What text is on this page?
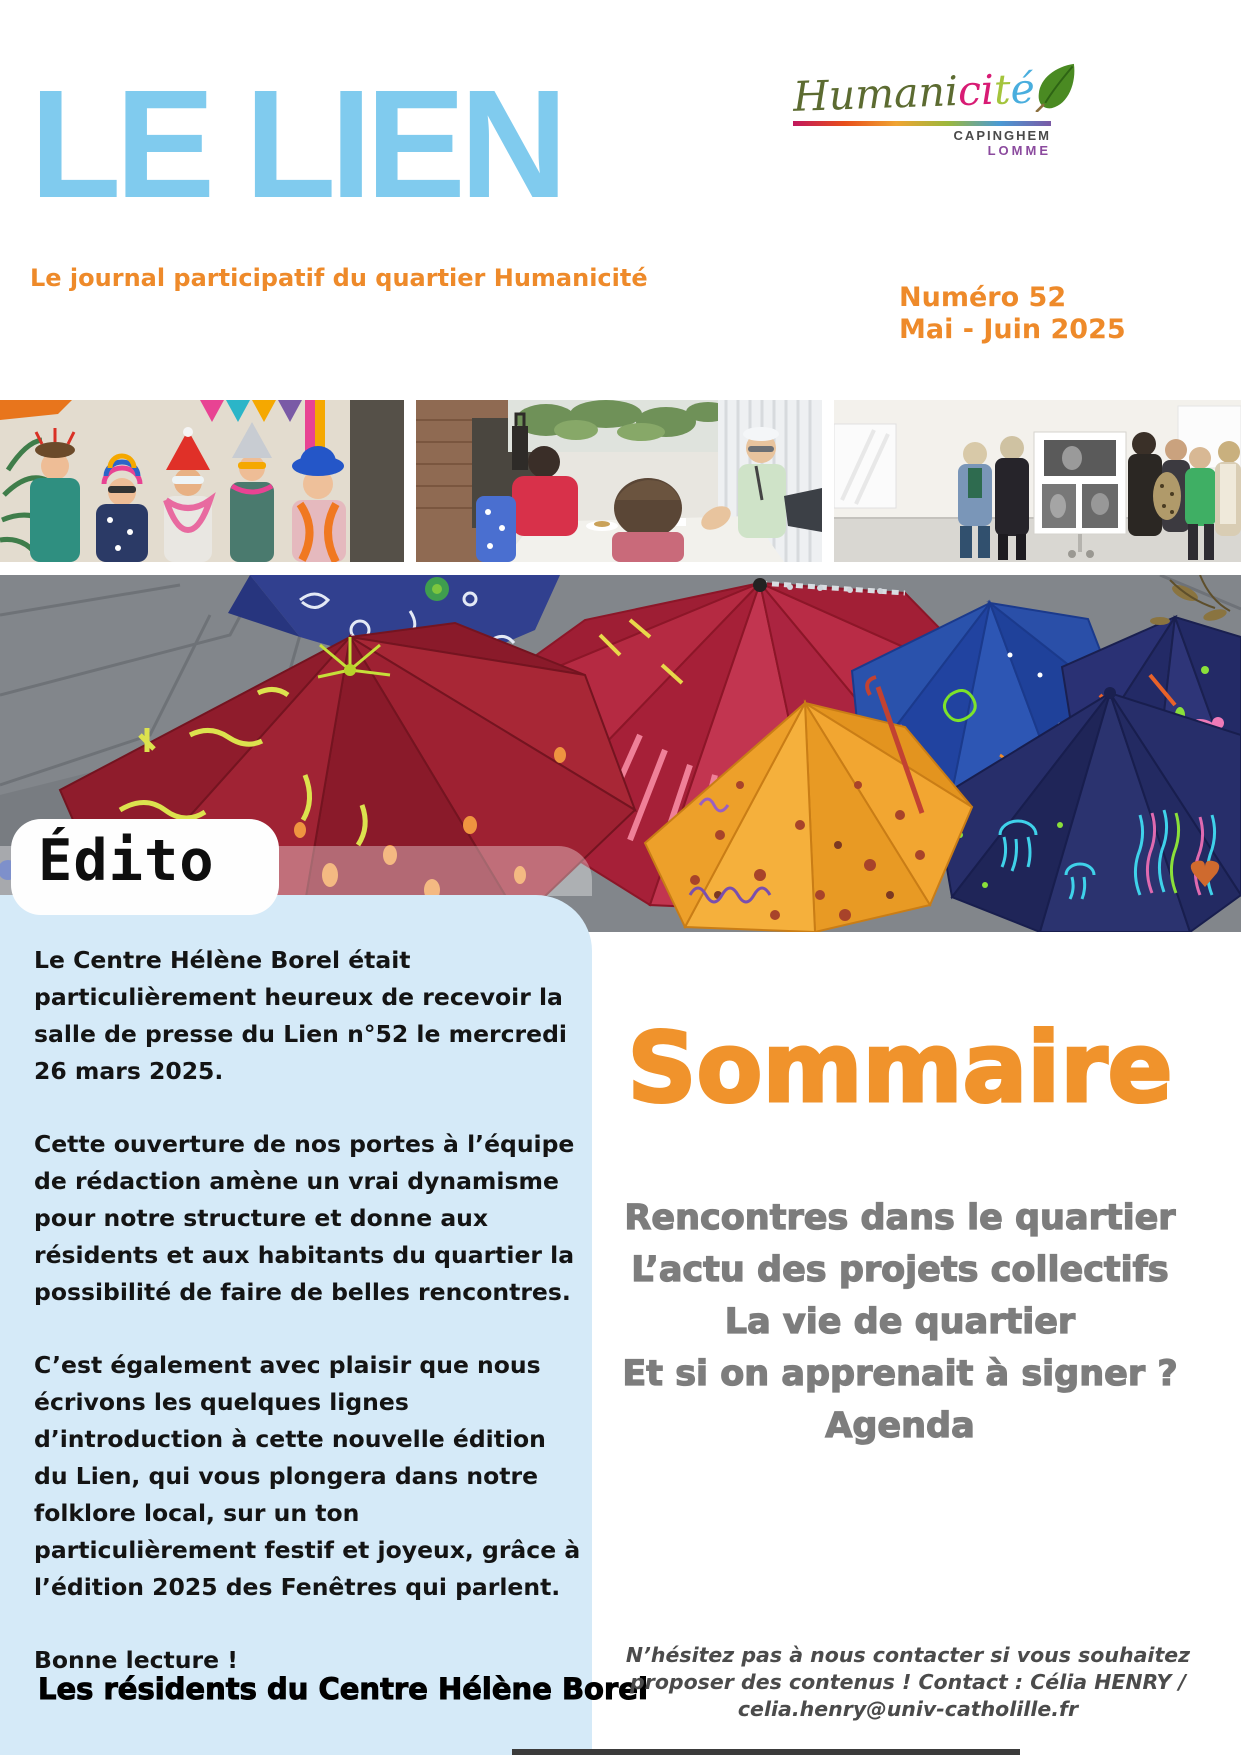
LE LIEN
Le journal participatif du quartier Humanicité
Humanicité
CAPINGHEM
LOMME
Numéro 52
Mai - Juin 2025
Édito

Le Centre Hélène Borel était particulièrement heureux de recevoir la salle de presse du Lien n°52 le mercredi 26 mars 2025.

Cette ouverture de nos portes à l’équipe de rédaction amène un vrai dynamisme pour notre structure et donne aux résidents et aux habitants du quartier la possibilité de faire de belles rencontres.

C’est également avec plaisir que nous écrivons les quelques lignes d’introduction à cette nouvelle édition du Lien, qui vous plongera dans notre folklore local, sur un ton particulièrement festif et joyeux, grâce à l’édition 2025 des Fenêtres qui parlent.

Bonne lecture !

Les résidents du Centre Hélène Borel
Sommaire
Rencontres dans le quartier
L’actu des projets collectifs
La vie de quartier
Et si on apprenait à signer ?
Agenda
N’hésitez pas à nous contacter si vous souhaitez proposer des contenus ! Contact : Célia HENRY / celia.henry@univ-catholille.fr
